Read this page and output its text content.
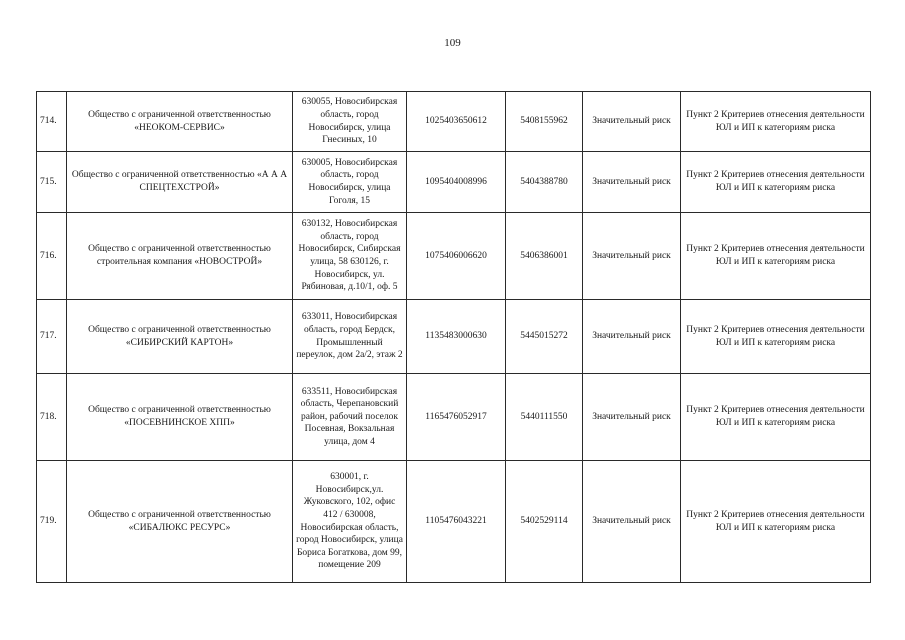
109
714.	Общество с ограниченной ответственностью «НЕОКОМ-СЕРВИС»	630055, Новосибирская область, город Новосибирск, улица Гнесиных, 10	1025403650612	5408155962	Значительный риск	Пункт 2 Критериев отнесения деятельности ЮЛ и ИП к категориям риска
715.	Общество с ограниченной ответственностью «А А А СПЕЦТЕХСТРОЙ»	630005, Новосибирская область, город Новосибирск, улица Гоголя, 15	1095404008996	5404388780	Значительный риск	Пункт 2 Критериев отнесения деятельности ЮЛ и ИП к категориям риска
716.	Общество с ограниченной ответственностью строительная компания «НОВОСТРОЙ»	630132, Новосибирская область, город Новосибирск, Сибирская улица, 58 630126, г. Новосибирск, ул. Рябиновая, д.10/1, оф. 5	1075406006620	5406386001	Значительный риск	Пункт 2 Критериев отнесения деятельности ЮЛ и ИП к категориям риска
717.	Общество с ограниченной ответственностью «СИБИРСКИЙ КАРТОН»	633011, Новосибирская область, город Бердск, Промышленный переулок, дом 2а/2, этаж 2	1135483000630	5445015272	Значительный риск	Пункт 2 Критериев отнесения деятельности ЮЛ и ИП к категориям риска
718.	Общество с ограниченной ответственностью «ПОСЕВНИНСКОЕ ХПП»	633511, Новосибирская область, Черепановский район, рабочий поселок Посевная, Вокзальная улица, дом 4	1165476052917	5440111550	Значительный риск	Пункт 2 Критериев отнесения деятельности ЮЛ и ИП к категориям риска
719.	Общество с ограниченной ответственностью «СИБАЛЮКС РЕСУРС»	630001, г. Новосибирск,ул. Жуковского, 102, офис 412 / 630008, Новосибирская область, город Новосибирск, улица Бориса Богаткова, дом 99, помещение 209	1105476043221	5402529114	Значительный риск	Пункт 2 Критериев отнесения деятельности ЮЛ и ИП к категориям риска
